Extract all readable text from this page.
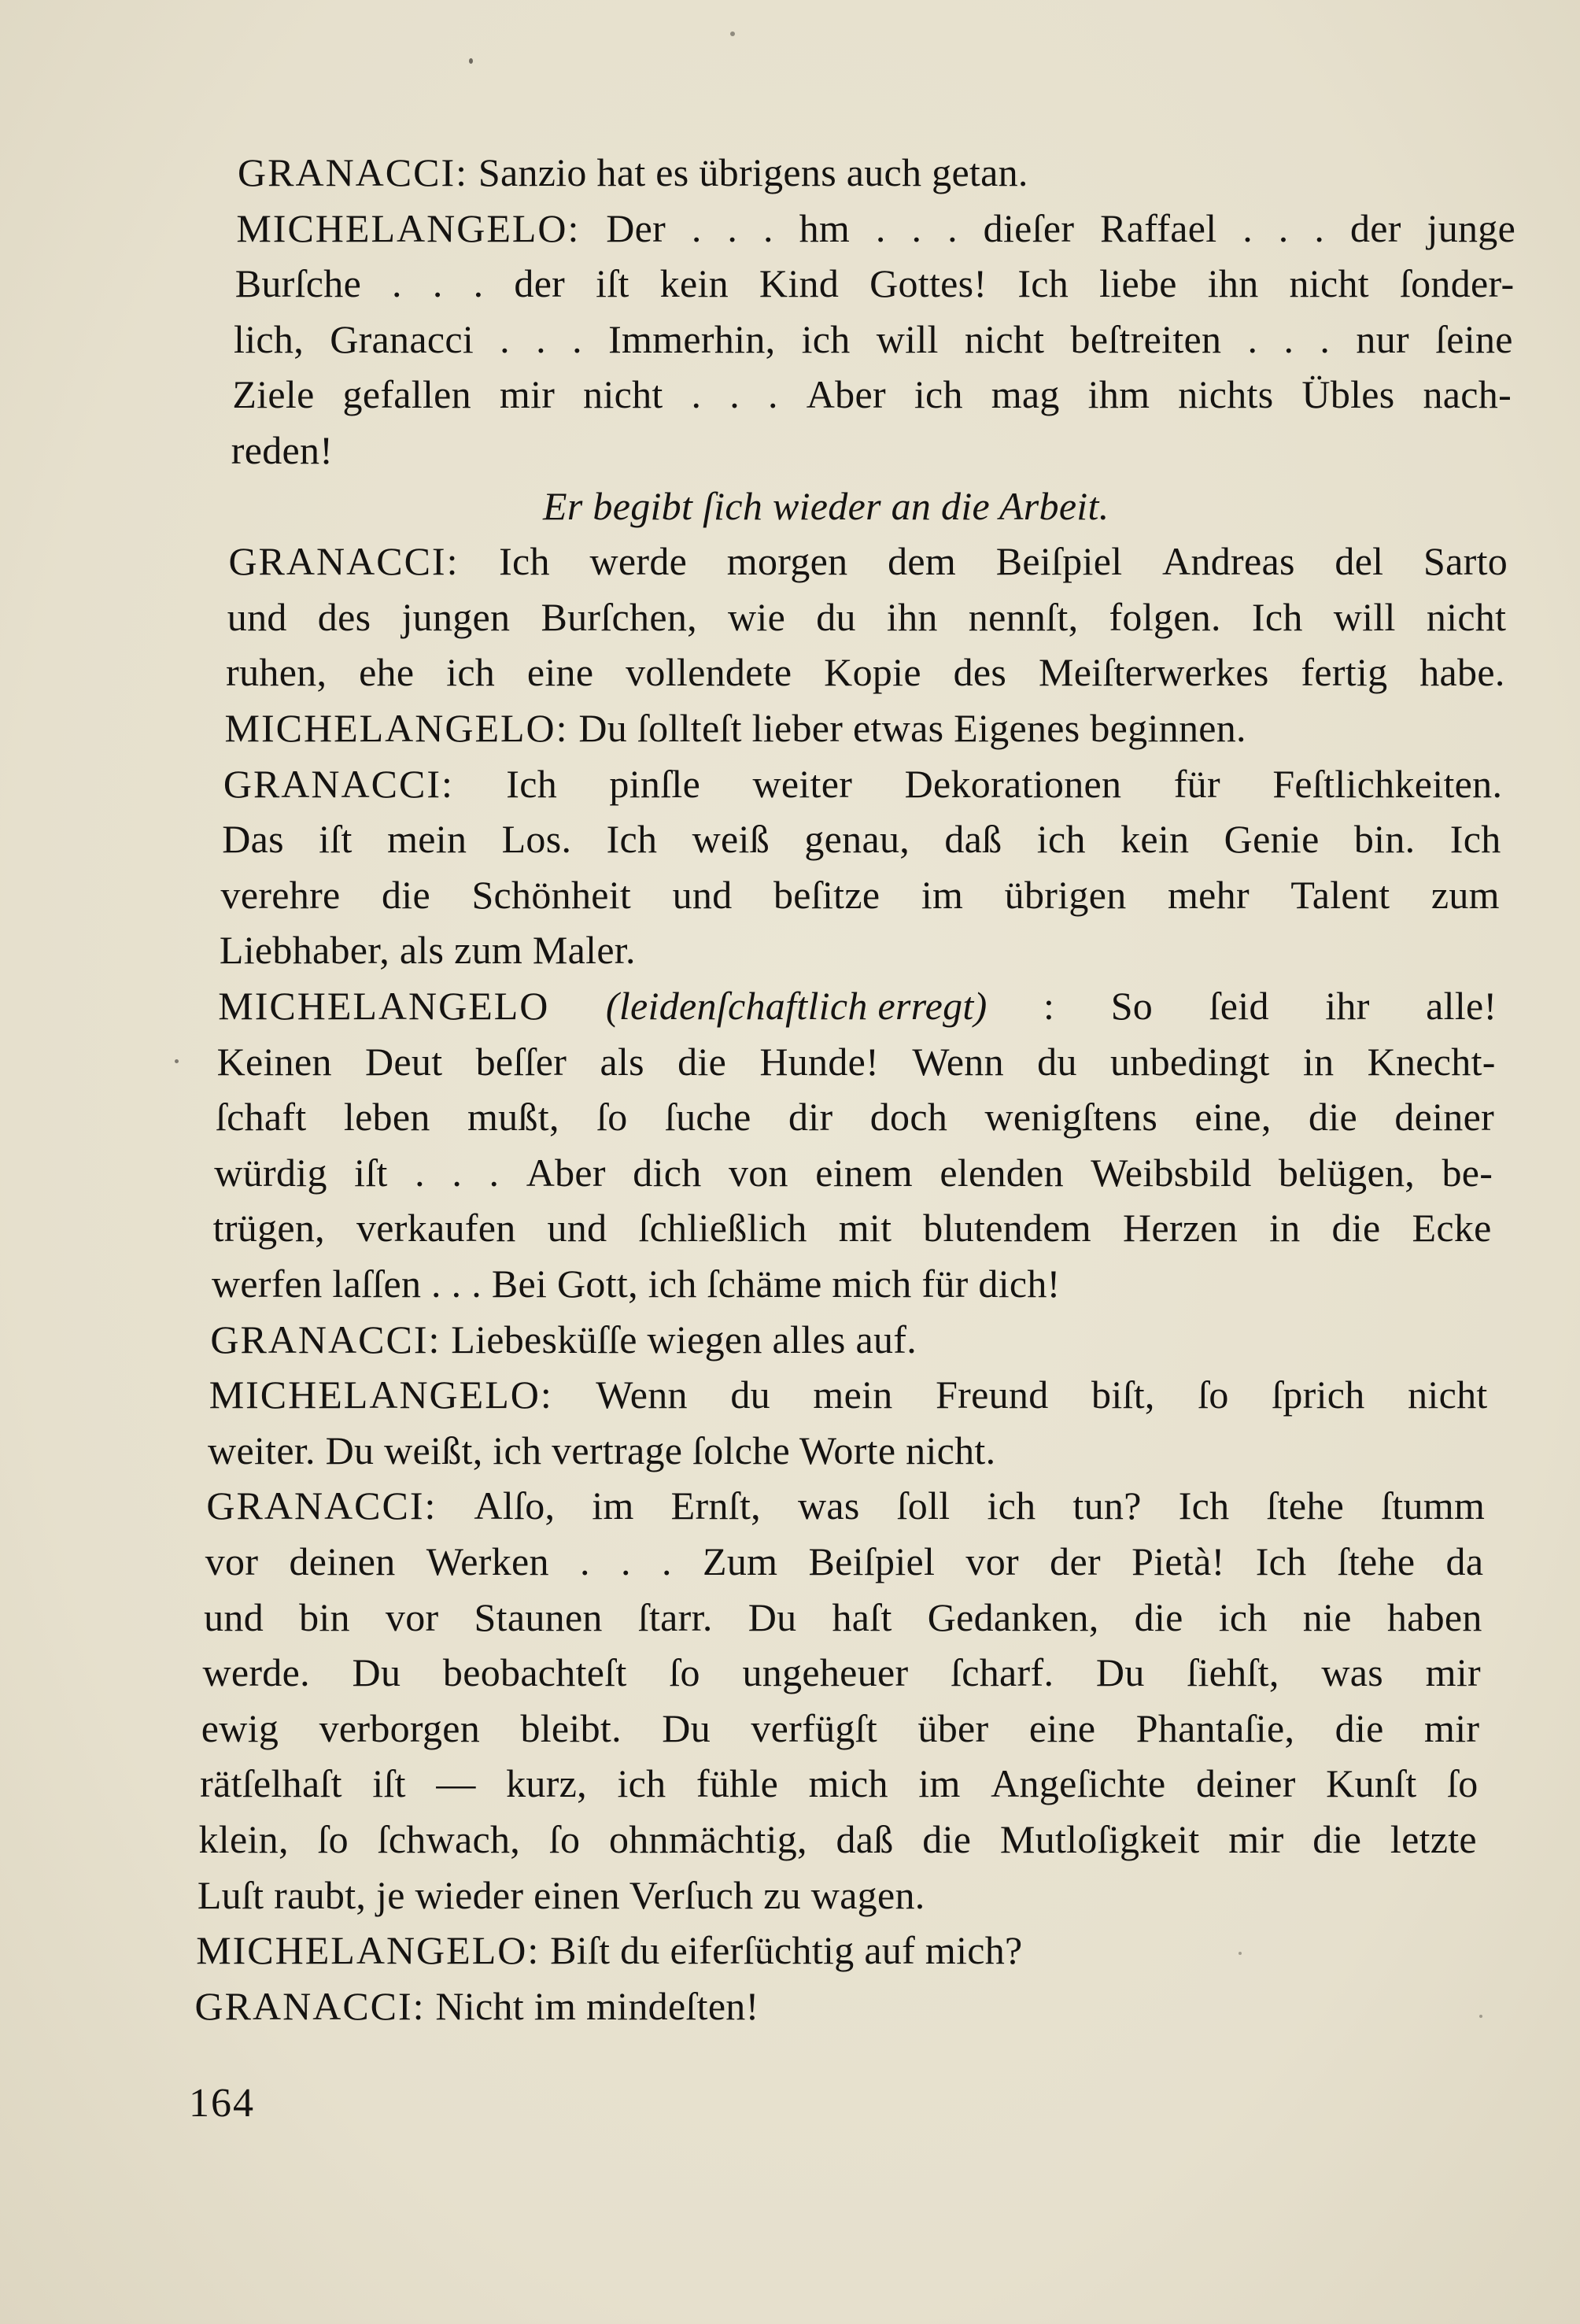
GRANACCI: Sanzio hat es übrigens auch getan.
MICHELANGELO: Der . . . hm . . . dieſer Raffael . . . der junge
Burſche . . . der iſt kein Kind Gottes! Ich liebe ihn nicht ſonder-
lich, Granacci . . . Immerhin, ich will nicht beſtreiten . . . nur ſeine
Ziele gefallen mir nicht . . . Aber ich mag ihm nichts Übles nach-
reden!
Er begibt ſich wieder an die Arbeit.
GRANACCI: Ich werde morgen dem Beiſpiel Andreas del Sarto
und des jungen Burſchen, wie du ihn nennſt, folgen. Ich will nicht
ruhen, ehe ich eine vollendete Kopie des Meiſterwerkes fertig habe.
MICHELANGELO: Du ſollteſt lieber etwas Eigenes beginnen.
GRANACCI: Ich pinſle weiter Dekorationen für Feſtlichkeiten.
Das iſt mein Los. Ich weiß genau, daß ich kein Genie bin. Ich
verehre die Schönheit und beſitze im übrigen mehr Talent zum
Liebhaber, als zum Maler.
MICHELANGELO (leidenſchaftlich erregt) : So ſeid ihr alle!
Keinen Deut beſſer als die Hunde! Wenn du unbedingt in Knecht-
ſchaft leben mußt, ſo ſuche dir doch wenigſtens eine, die deiner
würdig iſt . . . Aber dich von einem elenden Weibsbild belügen, be-
trügen, verkaufen und ſchließlich mit blutendem Herzen in die Ecke
werfen laſſen . . . Bei Gott, ich ſchäme mich für dich!
GRANACCI: Liebesküſſe wiegen alles auf.
MICHELANGELO: Wenn du mein Freund biſt, ſo ſprich nicht
weiter. Du weißt, ich vertrage ſolche Worte nicht.
GRANACCI: Alſo, im Ernſt, was ſoll ich tun? Ich ſtehe ſtumm
vor deinen Werken . . . Zum Beiſpiel vor der Pietà! Ich ſtehe da
und bin vor Staunen ſtarr. Du haſt Gedanken, die ich nie haben
werde. Du beobachteſt ſo ungeheuer ſcharf. Du ſiehſt, was mir
ewig verborgen bleibt. Du verfügſt über eine Phantaſie, die mir
rätſelhaſt iſt — kurz, ich fühle mich im Angeſichte deiner Kunſt ſo
klein, ſo ſchwach, ſo ohnmächtig, daß die Mutloſigkeit mir die letzte
Luſt raubt, je wieder einen Verſuch zu wagen.
MICHELANGELO: Biſt du eiferſüchtig auf mich?
GRANACCI: Nicht im mindeſten!
164
